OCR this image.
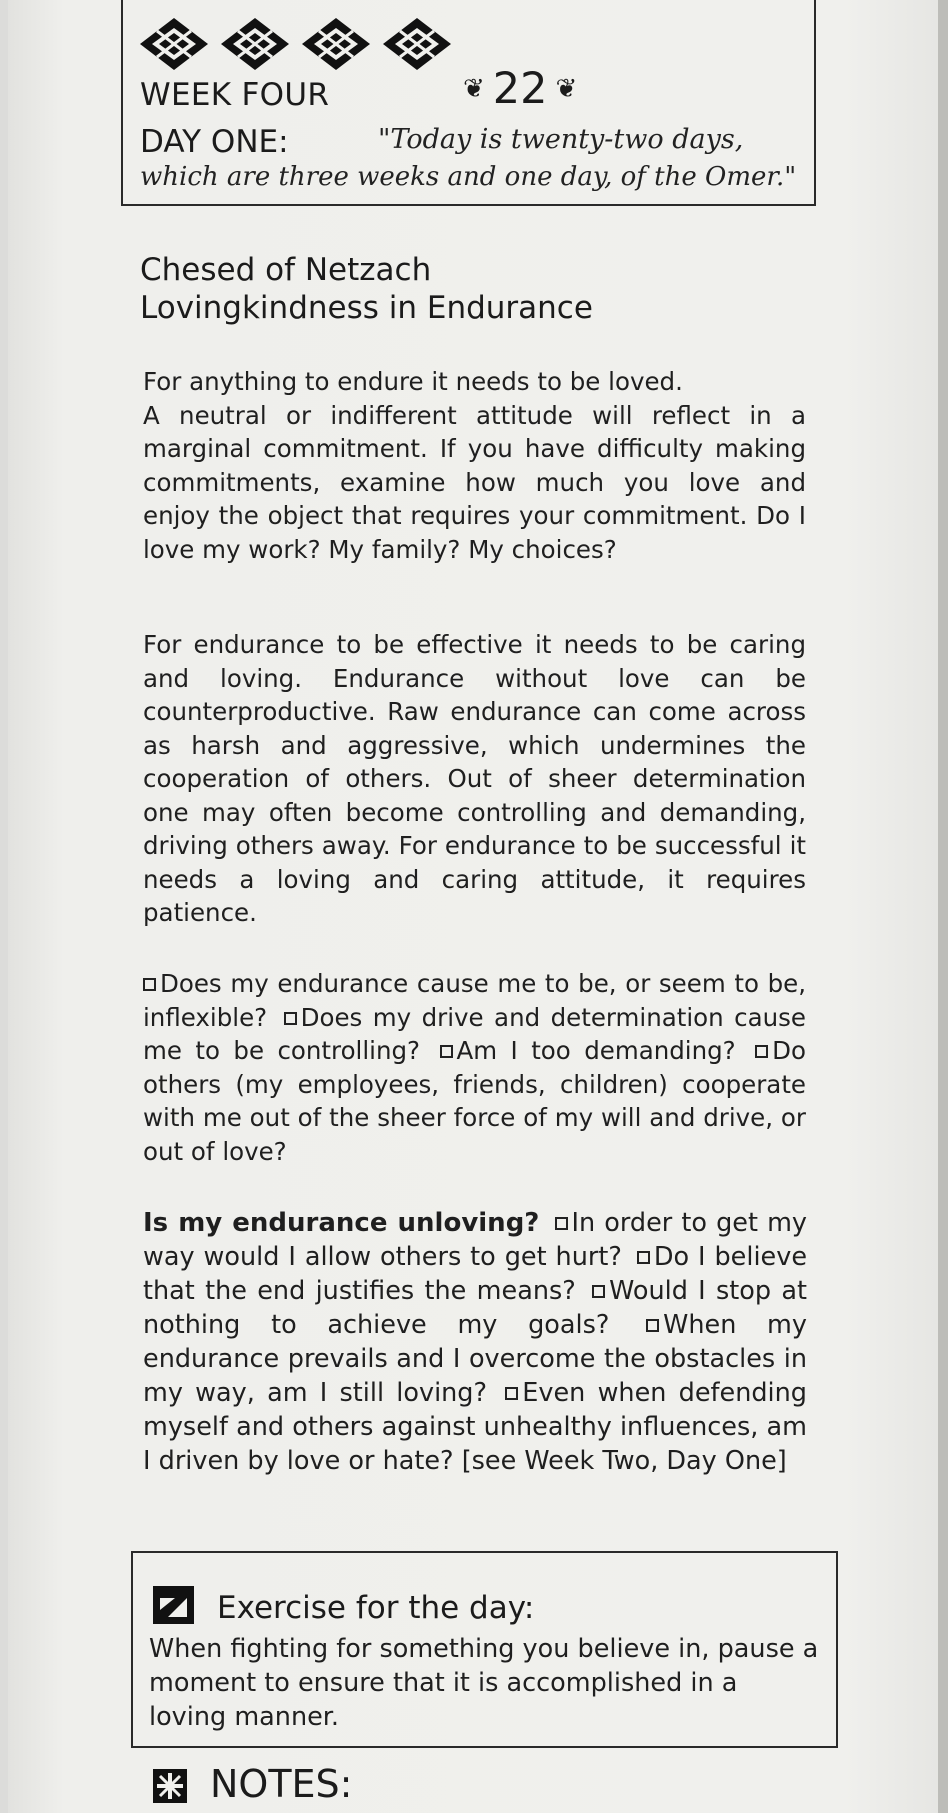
WEEK FOUR	❦ 22 ❦
DAY ONE:	"Today is twenty-two days,
which are three weeks and one day, of the Omer."
Chesed of Netzach
Lovingkindness in Endurance
For anything to endure it needs to be loved.
A neutral or indifferent attitude will reflect in a marginal commitment. If you have difficulty making commitments, examine how much you love and enjoy the object that requires your commitment. Do I love my work? My family? My choices?
For endurance to be effective it needs to be caring and loving. Endurance without love can be counterproductive. Raw endurance can come across as harsh and aggressive, which undermines the cooperation of others. Out of sheer determination one may often become controlling and demanding, driving others away. For endurance to be successful it needs a loving and caring attitude, it requires patience.
Does my endurance cause me to be, or seem to be, inflexible? Does my drive and determination cause me to be controlling? Am I too demanding? Do others (my employees, friends, children) cooperate with me out of the sheer force of my will and drive, or out of love?
Is my endurance unloving? In order to get my way would I allow others to get hurt? Do I believe that the end justifies the means? Would I stop at nothing to achieve my goals? When my endurance prevails and I overcome the obstacles in my way, am I still loving? Even when defending myself and others against unhealthy influences, am I driven by love or hate? [see Week Two, Day One]
Exercise for the day:
When fighting for something you believe in, pause a moment to ensure that it is accomplished in a loving manner.
NOTES:
